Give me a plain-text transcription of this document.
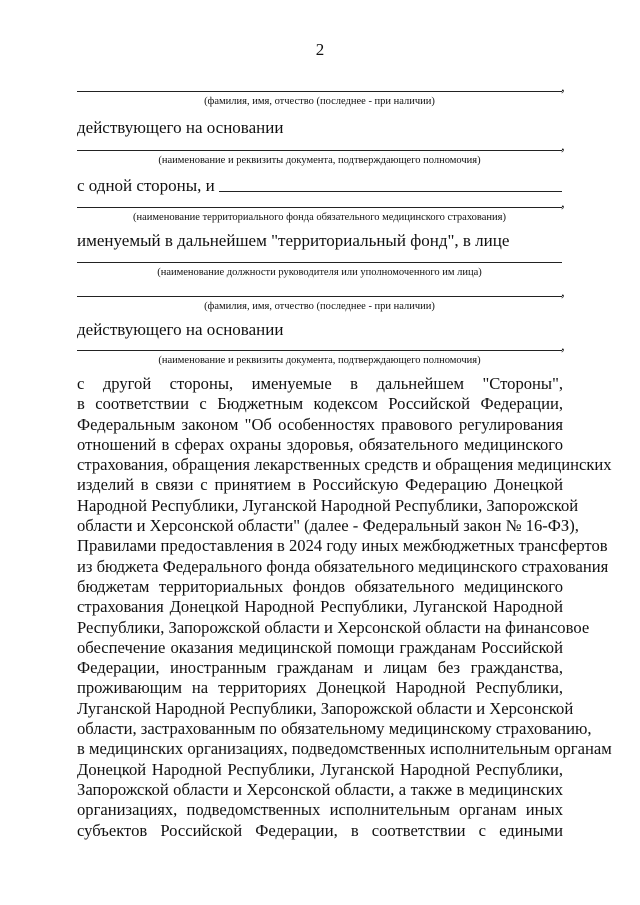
2
,
(фамилия, имя, отчество (последнее - при наличии)
действующего на основании
,
(наименование и реквизиты документа, подтверждающего полномочия)
с одной стороны, и
,
(наименование территориального фонда обязательного медицинского страхования)
именуемый в дальнейшем "территориальный фонд", в лице
(наименование должности руководителя или уполномоченного им лица)
,
(фамилия, имя, отчество (последнее - при наличии)
действующего на основании
,
(наименование и реквизиты документа, подтверждающего полномочия)
с другой стороны, именуемые в дальнейшем "Стороны",
в соответствии с Бюджетным кодексом Российской Федерации,
Федеральным законом "Об особенностях правового регулирования
отношений в сферах охраны здоровья, обязательного медицинского
страхования, обращения лекарственных средств и обращения медицинских
изделий в связи с принятием в Российскую Федерацию Донецкой
Народной Республики, Луганской Народной Республики, Запорожской
области и Херсонской области" (далее - Федеральный закон № 16-ФЗ),
Правилами предоставления в 2024 году иных межбюджетных трансфертов
из бюджета Федерального фонда обязательного медицинского страхования
бюджетам территориальных фондов обязательного медицинского
страхования Донецкой Народной Республики, Луганской Народной
Республики, Запорожской области и Херсонской области на финансовое
обеспечение оказания медицинской помощи гражданам Российской
Федерации, иностранным гражданам и лицам без гражданства,
проживающим на территориях Донецкой Народной Республики,
Луганской Народной Республики, Запорожской области и Херсонской
области, застрахованным по обязательному медицинскому страхованию,
в медицинских организациях, подведомственных исполнительным органам
Донецкой Народной Республики, Луганской Народной Республики,
Запорожской области и Херсонской области, а также в медицинских
организациях, подведомственных исполнительным органам иных
субъектов Российской Федерации, в соответствии с едиными
